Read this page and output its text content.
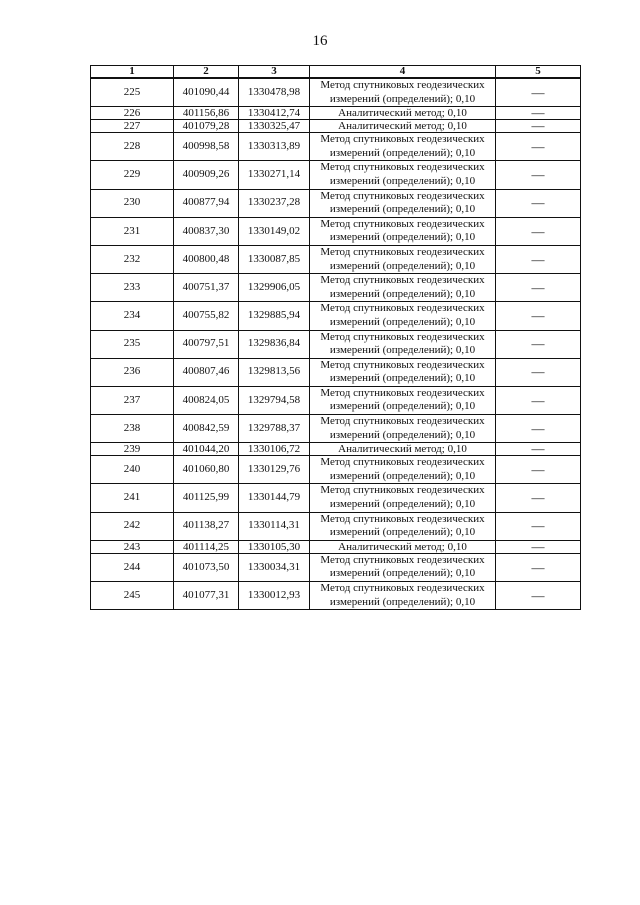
16
1	2	3	4	5
225	401090,44	1330478,98	Метод спутниковых геодезических измерений (определений); 0,10	—
226	401156,86	1330412,74	Аналитический метод; 0,10	—
227	401079,28	1330325,47	Аналитический метод; 0,10	—
228	400998,58	1330313,89	Метод спутниковых геодезических измерений (определений); 0,10	—
229	400909,26	1330271,14	Метод спутниковых геодезических измерений (определений); 0,10	—
230	400877,94	1330237,28	Метод спутниковых геодезических измерений (определений); 0,10	—
231	400837,30	1330149,02	Метод спутниковых геодезических измерений (определений); 0,10	—
232	400800,48	1330087,85	Метод спутниковых геодезических измерений (определений); 0,10	—
233	400751,37	1329906,05	Метод спутниковых геодезических измерений (определений); 0,10	—
234	400755,82	1329885,94	Метод спутниковых геодезических измерений (определений); 0,10	—
235	400797,51	1329836,84	Метод спутниковых геодезических измерений (определений); 0,10	—
236	400807,46	1329813,56	Метод спутниковых геодезических измерений (определений); 0,10	—
237	400824,05	1329794,58	Метод спутниковых геодезических измерений (определений); 0,10	—
238	400842,59	1329788,37	Метод спутниковых геодезических измерений (определений); 0,10	—
239	401044,20	1330106,72	Аналитический метод; 0,10	—
240	401060,80	1330129,76	Метод спутниковых геодезических измерений (определений); 0,10	—
241	401125,99	1330144,79	Метод спутниковых геодезических измерений (определений); 0,10	—
242	401138,27	1330114,31	Метод спутниковых геодезических измерений (определений); 0,10	—
243	401114,25	1330105,30	Аналитический метод; 0,10	—
244	401073,50	1330034,31	Метод спутниковых геодезических измерений (определений); 0,10	—
245	401077,31	1330012,93	Метод спутниковых геодезических измерений (определений); 0,10	—
